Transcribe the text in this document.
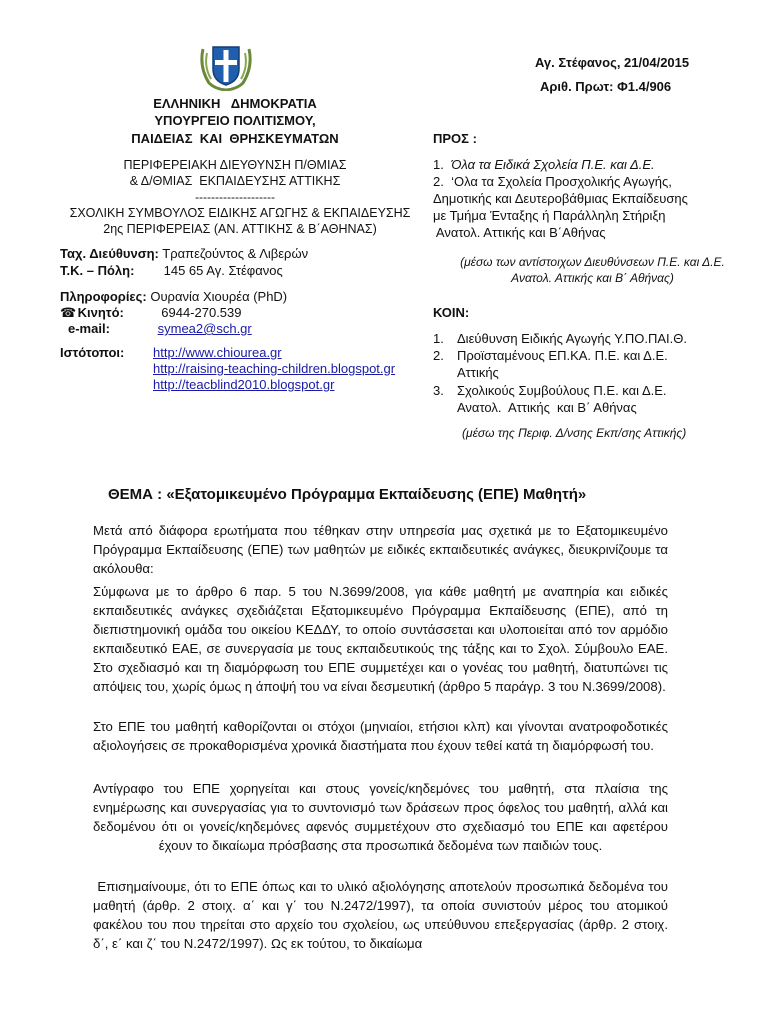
ΕΛΛΗΝΙΚΗ   ΔΗΜΟΚΡΑΤΙΑ
ΥΠΟΥΡΓΕΙΟ ΠΟΛΙΤΙΣΜΟΥ,
ΠΑΙΔΕΙΑΣ  ΚΑΙ  ΘΡΗΣΚΕΥΜΑΤΩΝ
ΠΕΡΙΦΕΡΕΙΑΚΗ ΔΙΕΥΘΥΝΣΗ Π/ΘΜΙΑΣ
& Δ/ΘΜΙΑΣ  ΕΚΠΑΙΔΕΥΣΗΣ ΑΤΤΙΚΗΣ
--------------------
ΣΧΟΛΙΚΗ ΣΥΜΒΟΥΛΟΣ ΕΙΔΙΚΗΣ ΑΓΩΓΗΣ & ΕΚΠΑΙΔΕΥΣΗΣ
2ης ΠΕΡΙΦΕΡΕΙΑΣ (ΑΝ. ΑΤΤΙΚΗΣ & Β΄ΑΘΗΝΑΣ)
Ταχ. Διεύθυνση: Τραπεζούντος & Λιβερών
Τ.Κ. – Πόλη: 145 65 Αγ. Στέφανος
Πληροφορίες: Ουρανία Χιουρέα (PhD)
☎ Κινητό:	6944-270.539
e-mail:	symea2@sch.gr
Ιστότοποι: http://www.chiourea.gr
http://raising-teaching-children.blogspot.gr
http://teacblind2010.blogspot.gr
Αγ. Στέφανος, 21/04/2015
Αριθ. Πρωτ: Φ1.4/906
ΠΡΟΣ :
1.  Όλα τα Ειδικά Σχολεία Π.Ε. και Δ.Ε.
2.  ‘Ολα τα Σχολεία Προσχολικής Αγωγής,
Δημοτικής και Δευτεροβάθμιας Εκπαίδευσης
με Τμήμα Ένταξης ή Παράλληλη Στήριξη
Ανατολ. Αττικής και Β΄Αθήνας
(μέσω των αντίστοιχων Διευθύνσεων Π.Ε. και Δ.Ε.
Ανατολ. Αττικής και Β΄ Αθήνας)
ΚΟΙΝ:
1.	Διεύθυνση Ειδικής Αγωγής Υ.ΠΟ.ΠΑΙ.Θ.
2.	Προϊσταμένους ΕΠ.ΚΑ. Π.Ε. και Δ.Ε.
Αττικής
3.	Σχολικούς Συμβούλους Π.Ε. και Δ.Ε.
Ανατολ.  Αττικής  και Β΄ Αθήνας
(μέσω της Περιφ. Δ/νσης Εκπ/σης Αττικής)
ΘΕΜΑ : «Εξατομικευμένο Πρόγραμμα Εκπαίδευσης (ΕΠΕ) Μαθητή»
Μετά από διάφορα ερωτήματα που τέθηκαν στην υπηρεσία μας σχετικά με το Εξατομικευμένο Πρόγραμμα Εκπαίδευσης (ΕΠΕ) των μαθητών με ειδικές εκπαιδευτικές ανάγκες, διευκρινίζουμε τα ακόλουθα:
Σύμφωνα με το άρθρο 6 παρ. 5 του Ν.3699/2008, για κάθε μαθητή με αναπηρία και ειδικές εκπαιδευτικές ανάγκες σχεδιάζεται Εξατομικευμένο Πρόγραμμα Εκπαίδευσης (ΕΠΕ), από τη διεπιστημονική ομάδα του οικείου ΚΕΔΔΥ, το οποίο συντάσσεται και υλοποιείται από τον αρμόδιο εκπαιδευτικό ΕΑΕ, σε συνεργασία με τους εκπαιδευτικούς της τάξης και το Σχολ. Σύμβουλο ΕΑΕ. Στο σχεδιασμό και τη διαμόρφωση του ΕΠΕ συμμετέχει και ο γονέας του μαθητή, διατυπώνει τις απόψεις του, χωρίς όμως η άποψή του να είναι δεσμευτική (άρθρο 5 παράγρ. 3 του Ν.3699/2008).
Στο ΕΠΕ του μαθητή καθορίζονται οι στόχοι (μηνιαίοι, ετήσιοι κλπ) και γίνονται ανατροφοδοτικές αξιολογήσεις σε προκαθορισμένα χρονικά διαστήματα που έχουν τεθεί κατά τη διαμόρφωσή του.
Αντίγραφο του ΕΠΕ χορηγείται και στους γονείς/κηδεμόνες του μαθητή, στα πλαίσια της ενημέρωσης και συνεργασίας για το συντονισμό των δράσεων προς όφελος του μαθητή, αλλά και δεδομένου ότι οι γονείς/κηδεμόνες αφενός συμμετέχουν στο σχεδιασμό του ΕΠΕ και αφετέρου έχουν το δικαίωμα πρόσβασης στα προσωπικά δεδομένα των παιδιών τους.
Επισημαίνουμε, ότι το ΕΠΕ όπως και το υλικό αξιολόγησης αποτελούν προσωπικά δεδομένα του μαθητή (άρθρ. 2 στοιχ. α΄ και γ΄ του Ν.2472/1997), τα οποία συνιστούν μέρος του ατομικού φακέλου του που τηρείται στο αρχείο του σχολείου, ως υπεύθυνου επεξεργασίας (άρθρ. 2 στοιχ. δ΄, ε΄ και ζ΄ του Ν.2472/1997). Ως εκ τούτου, το δικαίωμα
